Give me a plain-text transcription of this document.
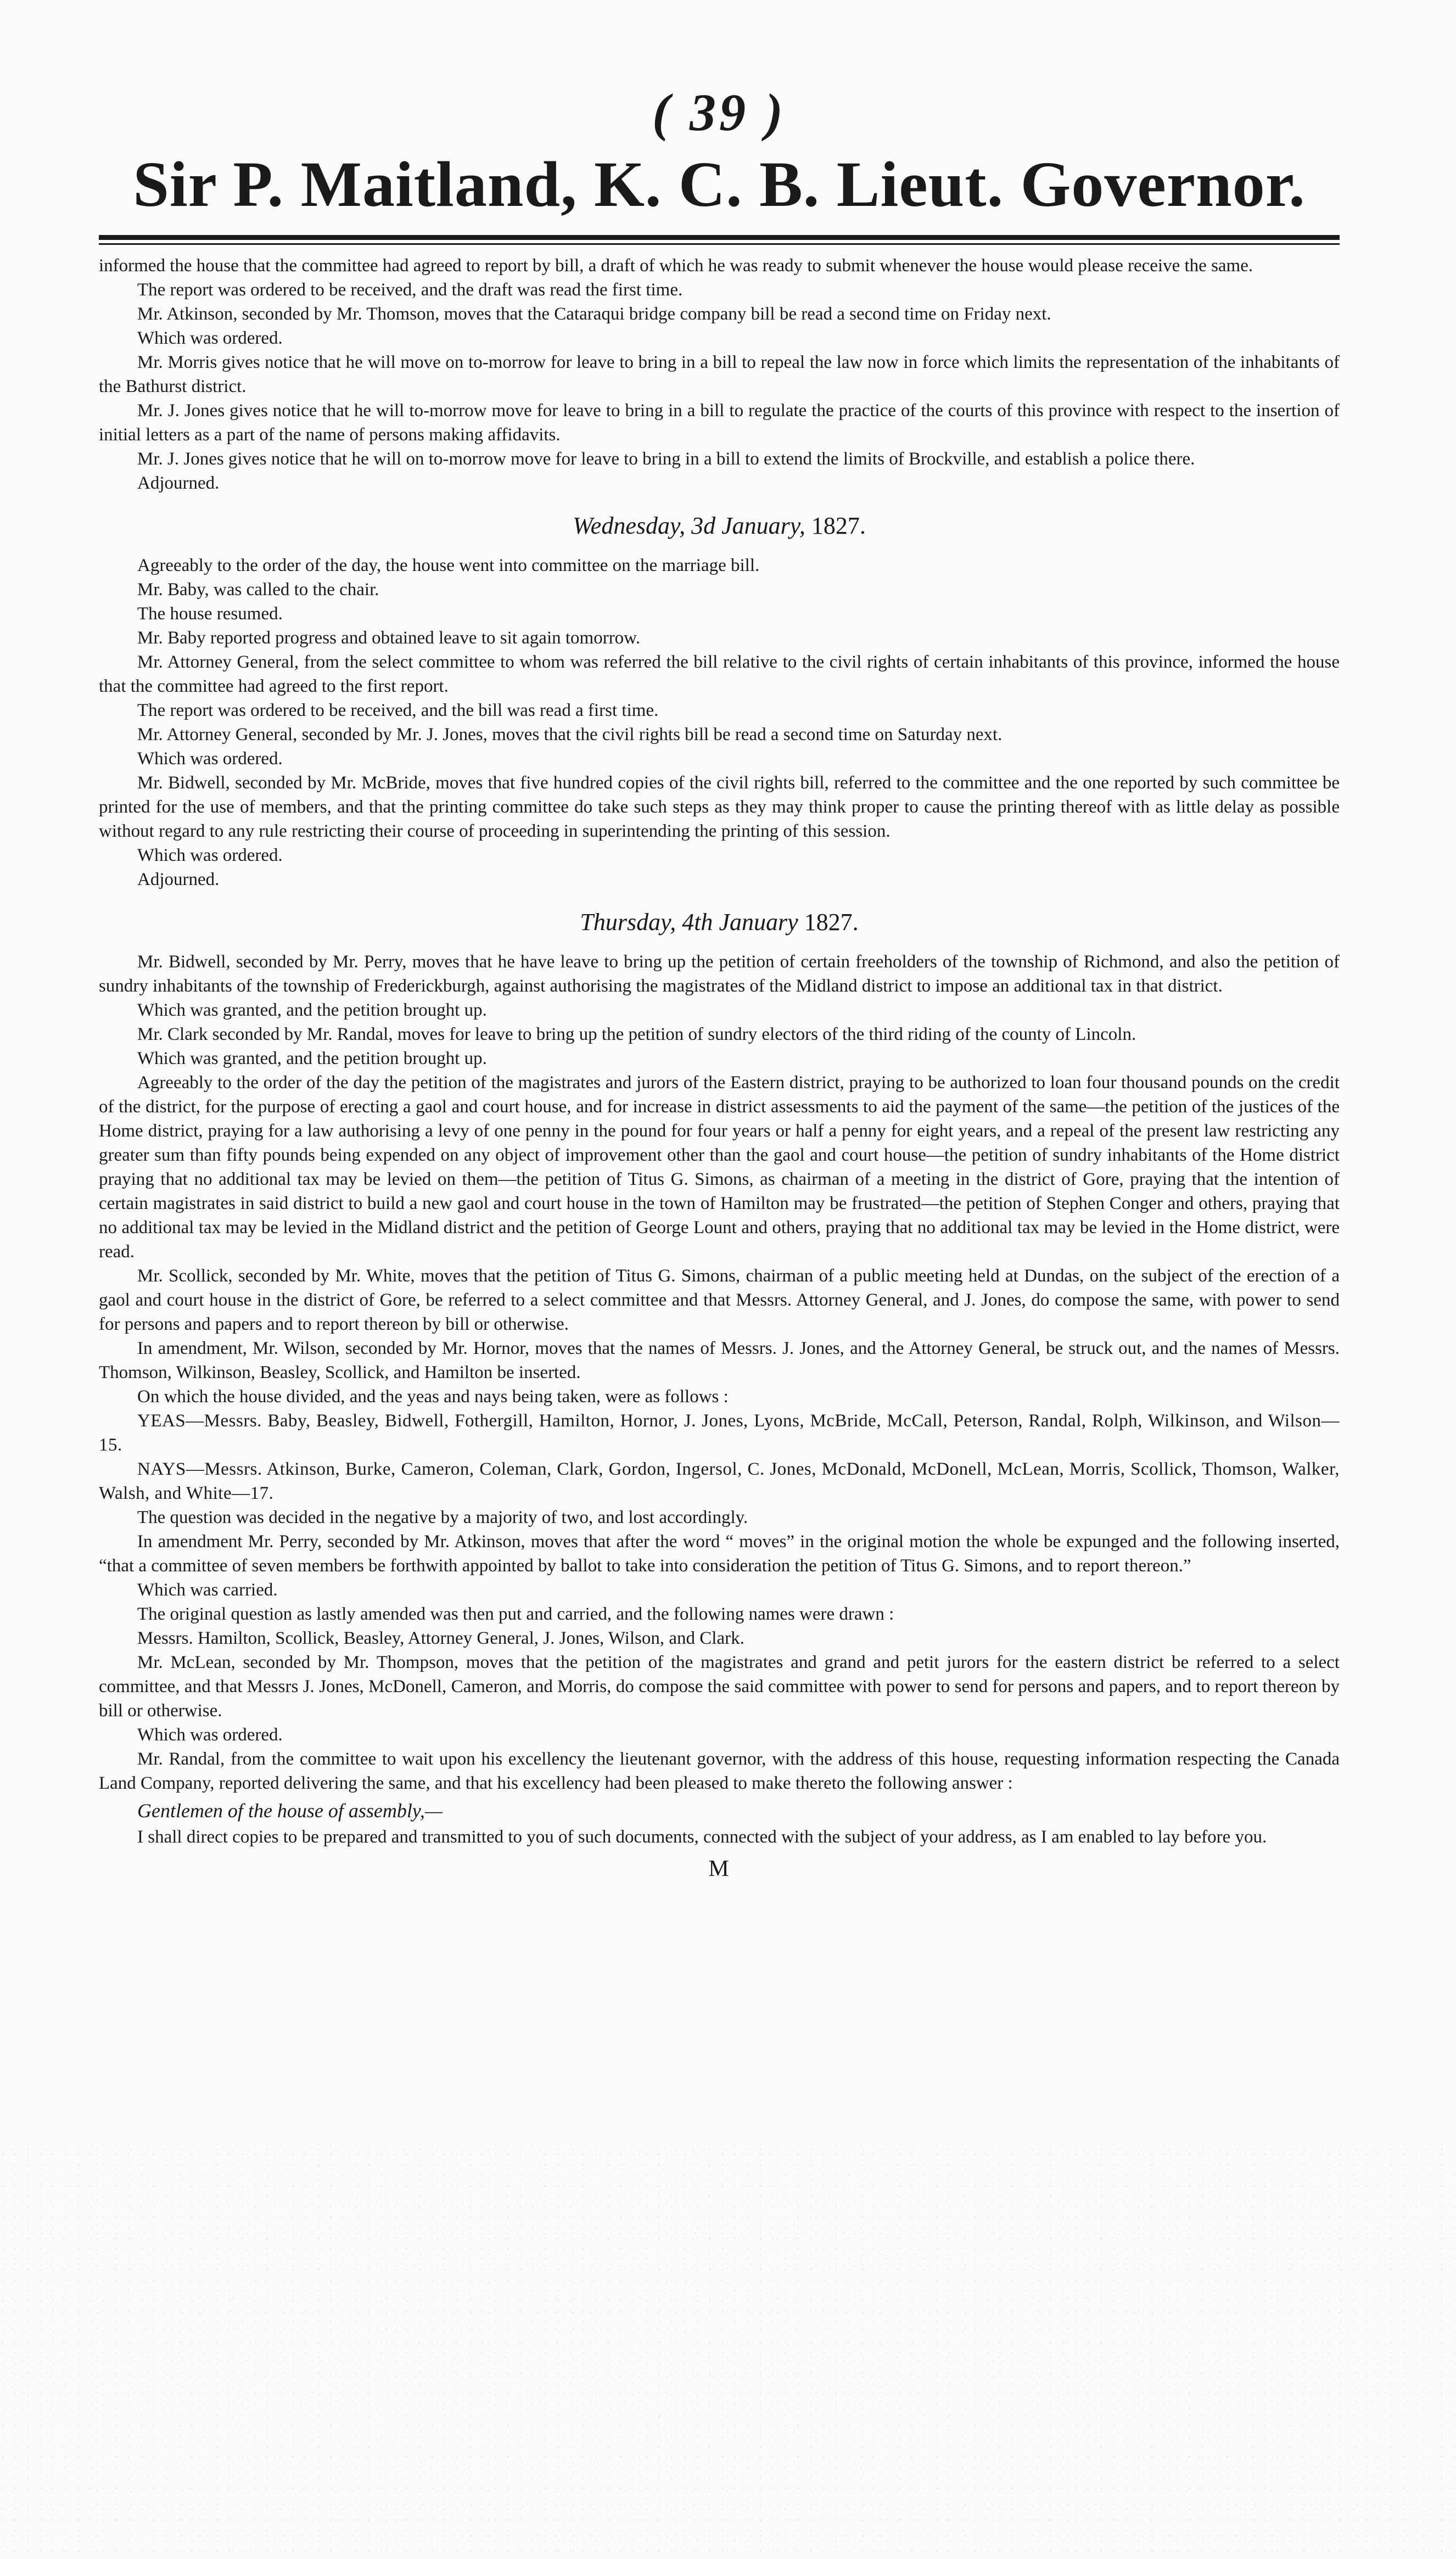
( 39 )
Sir P. Maitland, K. C. B. Lieut. Governor.

informed the house that the committee had agreed to report by bill, a draft of which he was ready to submit whenever the house would please receive the same.

The report was ordered to be received, and the draft was read the first time.

Mr. Atkinson, seconded by Mr. Thomson, moves that the Cataraqui bridge company bill be read a second time on Friday next.

Which was ordered.

Mr. Morris gives notice that he will move on to-morrow for leave to bring in a bill to repeal the law now in force which limits the representation of the inhabitants of the Bathurst district.

Mr. J. Jones gives notice that he will to-morrow move for leave to bring in a bill to regulate the practice of the courts of this province with respect to the insertion of initial letters as a part of the name of persons making affidavits.

Mr. J. Jones gives notice that he will on to-morrow move for leave to bring in a bill to extend the limits of Brockville, and establish a police there.

Adjourned.

Wednesday, 3d January, 1827.

Agreeably to the order of the day, the house went into committee on the marriage bill.

Mr. Baby, was called to the chair.

The house resumed.

Mr. Baby reported progress and obtained leave to sit again tomorrow.

Mr. Attorney General, from the select committee to whom was referred the bill relative to the civil rights of certain inhabitants of this province, informed the house that the committee had agreed to the first report.

The report was ordered to be received, and the bill was read a first time.

Mr. Attorney General, seconded by Mr. J. Jones, moves that the civil rights bill be read a second time on Saturday next.

Which was ordered.

Mr. Bidwell, seconded by Mr. McBride, moves that five hundred copies of the civil rights bill, referred to the committee and the one reported by such committee be printed for the use of members, and that the printing committee do take such steps as they may think proper to cause the printing thereof with as little delay as possible without regard to any rule restricting their course of proceeding in superintending the printing of this session.

Which was ordered.

Adjourned.

Thursday, 4th January 1827.

Mr. Bidwell, seconded by Mr. Perry, moves that he have leave to bring up the petition of certain freeholders of the township of Richmond, and also the petition of sundry inhabitants of the township of Frederickburgh, against authorising the magistrates of the Midland district to impose an additional tax in that district.

Which was granted, and the petition brought up.

Mr. Clark seconded by Mr. Randal, moves for leave to bring up the petition of sundry electors of the third riding of the county of Lincoln.

Which was granted, and the petition brought up.

Agreeably to the order of the day the petition of the magistrates and jurors of the Eastern district, praying to be authorized to loan four thousand pounds on the credit of the district, for the purpose of erecting a gaol and court house, and for increase in district assessments to aid the payment of the same—the petition of the justices of the Home district, praying for a law authorising a levy of one penny in the pound for four years or half a penny for eight years, and a repeal of the present law restricting any greater sum than fifty pounds being expended on any object of improvement other than the gaol and court house—the petition of sundry inhabitants of the Home district praying that no additional tax may be levied on them—the petition of Titus G. Simons, as chairman of a meeting in the district of Gore, praying that the intention of certain magistrates in said district to build a new gaol and court house in the town of Hamilton may be frustrated—the petition of Stephen Conger and others, praying that no additional tax may be levied in the Midland district and the petition of George Lount and others, praying that no additional tax may be levied in the Home district, were read.

Mr. Scollick, seconded by Mr. White, moves that the petition of Titus G. Simons, chairman of a public meeting held at Dundas, on the subject of the erection of a gaol and court house in the district of Gore, be referred to a select committee and that Messrs. Attorney General, and J. Jones, do compose the same, with power to send for persons and papers and to report thereon by bill or otherwise.

In amendment, Mr. Wilson, seconded by Mr. Hornor, moves that the names of Messrs. J. Jones, and the Attorney General, be struck out, and the names of Messrs. Thomson, Wilkinson, Beasley, Scollick, and Hamilton be inserted.

On which the house divided, and the yeas and nays being taken, were as follows :

YEAS—Messrs. Baby, Beasley, Bidwell, Fothergill, Hamilton, Hornor, J. Jones, Lyons, McBride, McCall, Peterson, Randal, Rolph, Wilkinson, and Wilson—15.

NAYS—Messrs. Atkinson, Burke, Cameron, Coleman, Clark, Gordon, Ingersol, C. Jones, McDonald, McDonell, McLean, Morris, Scollick, Thomson, Walker, Walsh, and White—17.

The question was decided in the negative by a majority of two, and lost accordingly.

In amendment Mr. Perry, seconded by Mr. Atkinson, moves that after the word “ moves” in the original motion the whole be expunged and the following inserted, “that a committee of seven members be forthwith appointed by ballot to take into consideration the petition of Titus G. Simons, and to report thereon.”

Which was carried.

The original question as lastly amended was then put and carried, and the following names were drawn :

Messrs. Hamilton, Scollick, Beasley, Attorney General, J. Jones, Wilson, and Clark.

Mr. McLean, seconded by Mr. Thompson, moves that the petition of the magistrates and grand and petit jurors for the eastern district be referred to a select committee, and that Messrs J. Jones, McDonell, Cameron, and Morris, do compose the said committee with power to send for persons and papers, and to report thereon by bill or otherwise.

Which was ordered.

Mr. Randal, from the committee to wait upon his excellency the lieutenant governor, with the address of this house, requesting information respecting the Canada Land Company, reported delivering the same, and that his excellency had been pleased to make thereto the following answer :

Gentlemen of the house of assembly,—

I shall direct copies to be prepared and transmitted to you of such documents, connected with the subject of your address, as I am enabled to lay before you.

M
